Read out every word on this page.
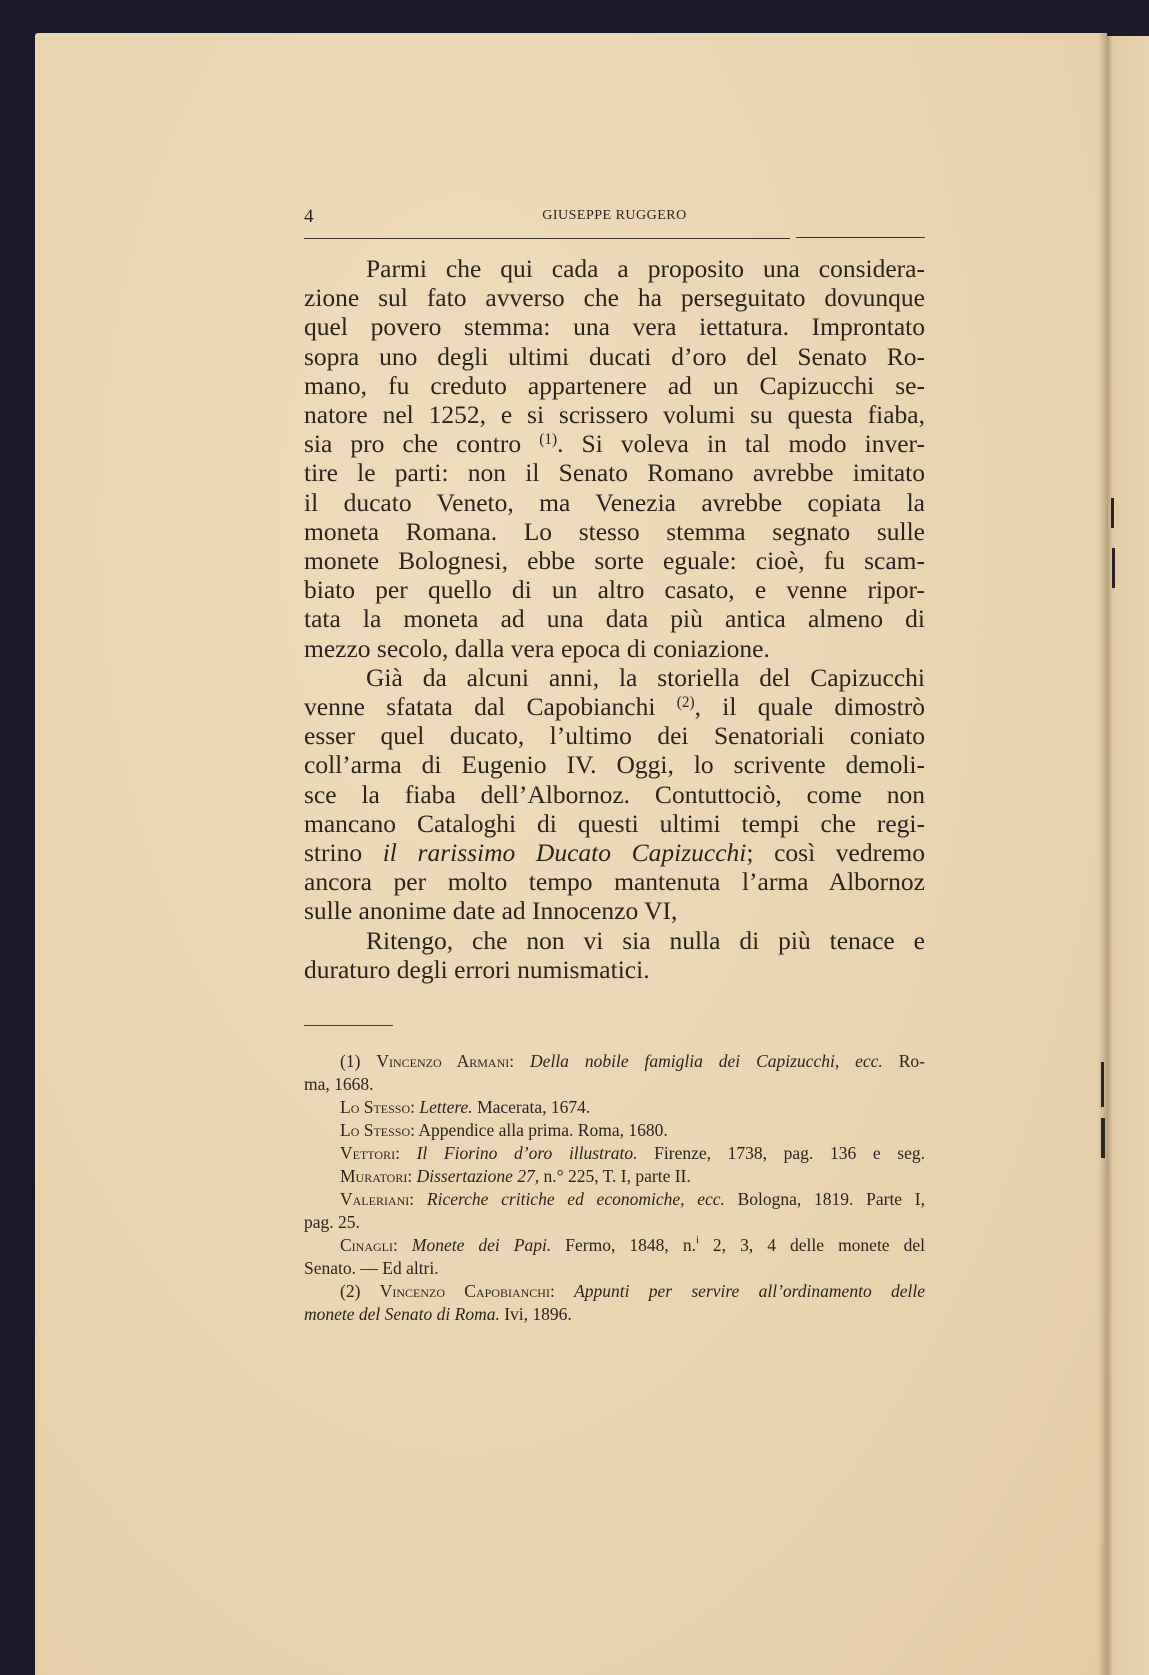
4	GIUSEPPE RUGGERO
Parmi che qui cada a proposito una considera-
zione sul fato avverso che ha perseguitato dovunque
quel povero stemma: una vera iettatura. Improntato
sopra uno degli ultimi ducati d’oro del Senato Ro-
mano, fu creduto appartenere ad un Capizucchi se-
natore nel 1252, e si scrissero volumi su questa fiaba,
sia pro che contro $^{(1)}$. Si voleva in tal modo inver-
tire le parti: non il Senato Romano avrebbe imitato
il ducato Veneto, ma Venezia avrebbe copiata la
moneta Romana. Lo stesso stemma segnato sulle
monete Bolognesi, ebbe sorte eguale: cioè, fu scam-
biato per quello di un altro casato, e venne ripor-
tata la moneta ad una data più antica almeno di
mezzo secolo, dalla vera epoca di coniazione.
Già da alcuni anni, la storiella del Capizucchi
venne sfatata dal Capobianchi $^{(2)}$, il quale dimostrò
esser quel ducato, l’ultimo dei Senatoriali coniato
coll’arma di Eugenio IV. Oggi, lo scrivente demoli-
sce la fiaba dell’Albornoz. Contuttociò, come non
mancano Cataloghi di questi ultimi tempi che regi-
strino il rarissimo Ducato Capizucchi; così vedremo
ancora per molto tempo mantenuta l’arma Albornoz
sulle anonime date ad Innocenzo VI,
Ritengo, che non vi sia nulla di più tenace e
duraturo degli errori numismatici.
(1) Vincenzo Armani: Della nobile famiglia dei Capizucchi, ecc. Ro-
ma, 1668.
Lo Stesso: Lettere. Macerata, 1674.
Lo Stesso: Appendice alla prima. Roma, 1680.
Vettori: Il Fiorino d’oro illustrato. Firenze, 1738, pag. 136 e seg.
Muratori: Dissertazione 27, n.° 225, T. I, parte II.
Valeriani: Ricerche critiche ed economiche, ecc. Bologna, 1819. Parte I,
pag. 25.
Cinagli: Monete dei Papi. Fermo, 1848, n.$^i$ 2, 3, 4 delle monete del
Senato. — Ed altri.
(2) Vincenzo Capobianchi: Appunti per servire all’ordinamento delle
monete del Senato di Roma. Ivi, 1896.
